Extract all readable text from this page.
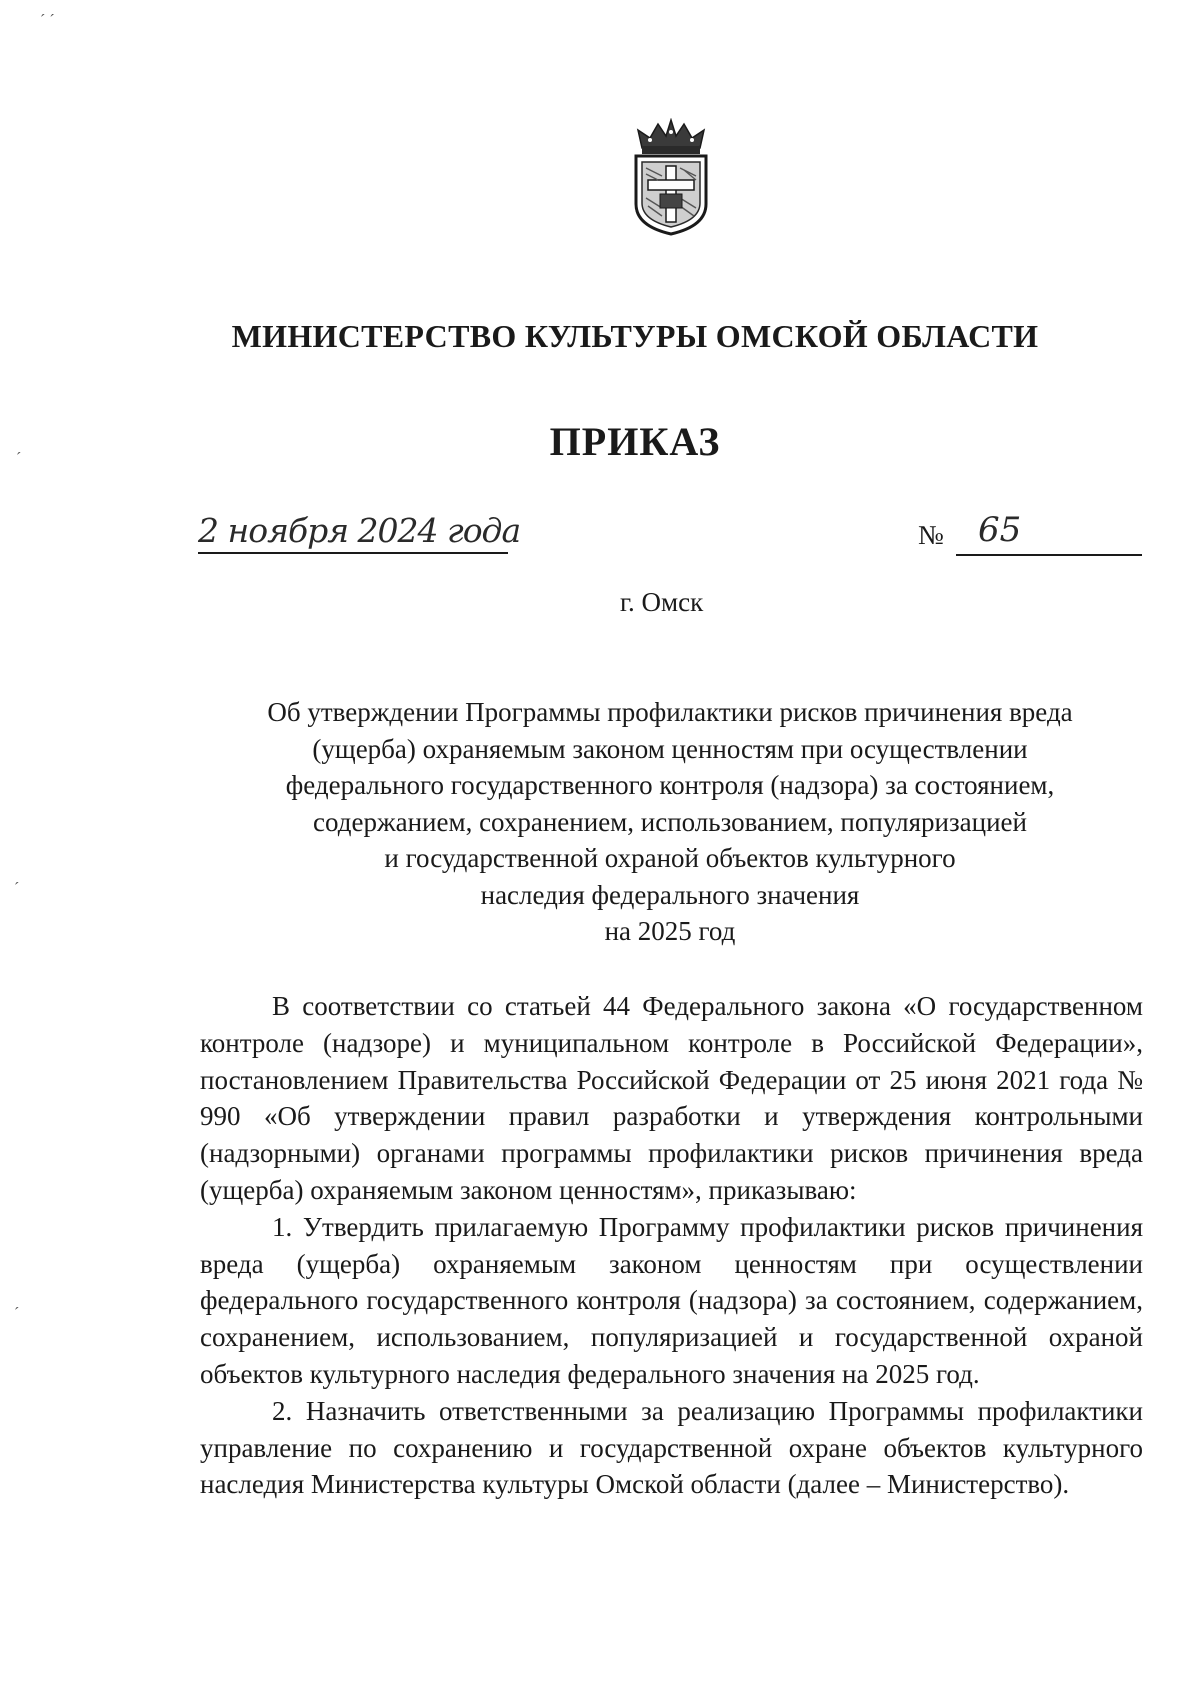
МИНИСТЕРСТВО КУЛЬТУРЫ ОМСКОЙ ОБЛАСТИ
ПРИКАЗ
2 ноября 2024 года	№ 65
г. Омск
Об утверждении Программы профилактики рисков причинения вреда
(ущерба) охраняемым законом ценностям при осуществлении
федерального государственного контроля (надзора) за состоянием,
содержанием, сохранением, использованием, популяризацией
и государственной охраной объектов культурного
наследия федерального значения
на 2025 год

В соответствии со статьей 44 Федерального закона «О государственном контроле (надзоре) и муниципальном контроле в Российской Федерации», постановлением Правительства Российской Федерации от 25 июня 2021 года № 990 «Об утверждении правил разработки и утверждения контрольными (надзорными) органами программы профилактики рисков причинения вреда (ущерба) охраняемым законом ценностям», приказываю:

1. Утвердить прилагаемую Программу профилактики рисков причинения вреда (ущерба) охраняемым законом ценностям при осуществлении федерального государственного контроля (надзора) за состоянием, содержанием, сохранением, использованием, популяризацией и государственной охраной объектов культурного наследия федерального значения на 2025 год.

2. Назначить ответственными за реализацию Программы профилактики управление по сохранению и государственной охране объектов культурного наследия Министерства культуры Омской области (далее – Министерство).

ˊ ˊ
ˊ
ˊ
ˊ
